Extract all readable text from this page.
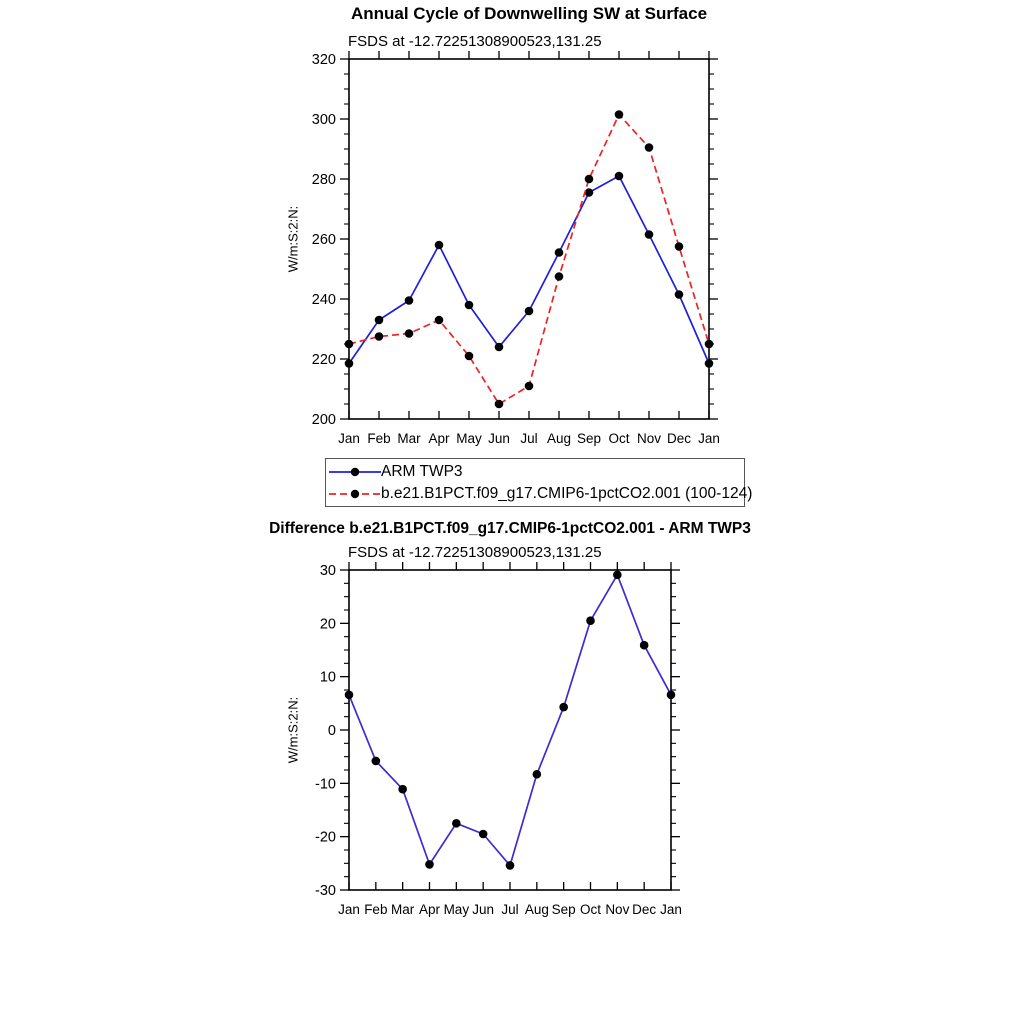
Jan Feb Mar Apr May Jun Jul Aug Sep Oct Nov Dec Jan
320
300
280
260
240
220
200
Jan Feb Mar Apr May Jun Jul Aug Sep Oct Nov Dec Jan
30
20
10
0
-10
-20
-30
Annual Cycle of Downwelling SW at Surface
FSDS at -12.72251308900523,131.25
W/m:S:2:N:
ARM TWP3
b.e21.B1PCT.f09_g17.CMIP6-1pctCO2.001 (100-124)
Difference b.e21.B1PCT.f09_g17.CMIP6-1pctCO2.001 - ARM TWP3
FSDS at -12.72251308900523,131.25
W/m:S:2:N:
